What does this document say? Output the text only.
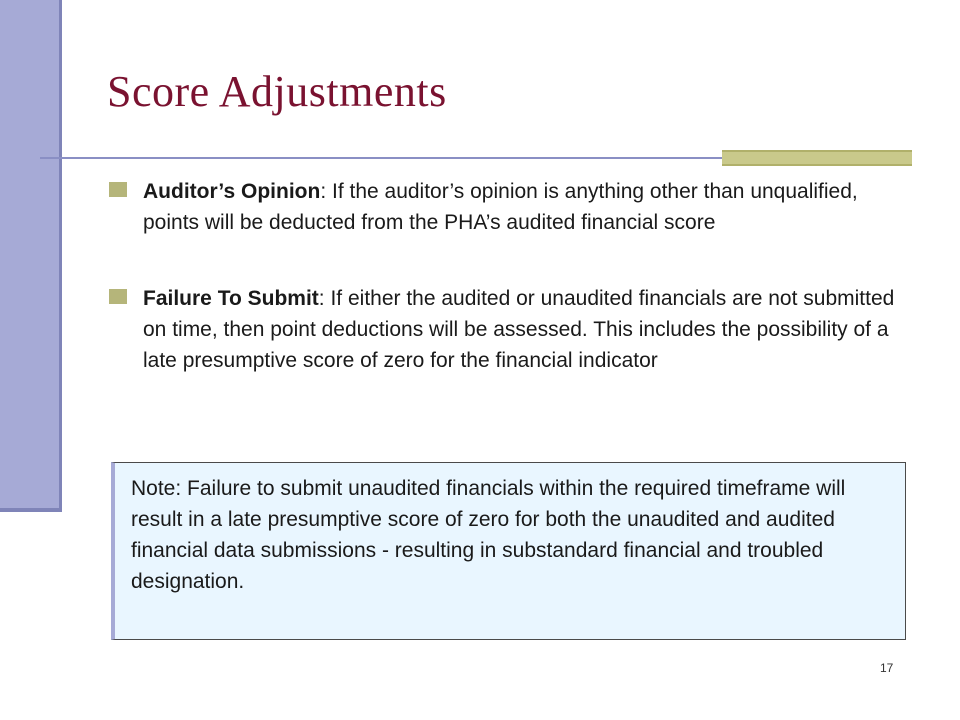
Score Adjustments
Auditor’s Opinion: If the auditor’s opinion is anything other than unqualified, points will be deducted from the PHA’s audited financial score
Failure To Submit: If either the audited or unaudited financials are not submitted on time, then point deductions will be assessed. This includes the possibility of a late presumptive score of zero for the financial indicator
Note: Failure to submit unaudited financials within the required timeframe will result in a late presumptive score of zero for both the unaudited and audited financial data submissions - resulting in substandard financial and troubled designation.
17
